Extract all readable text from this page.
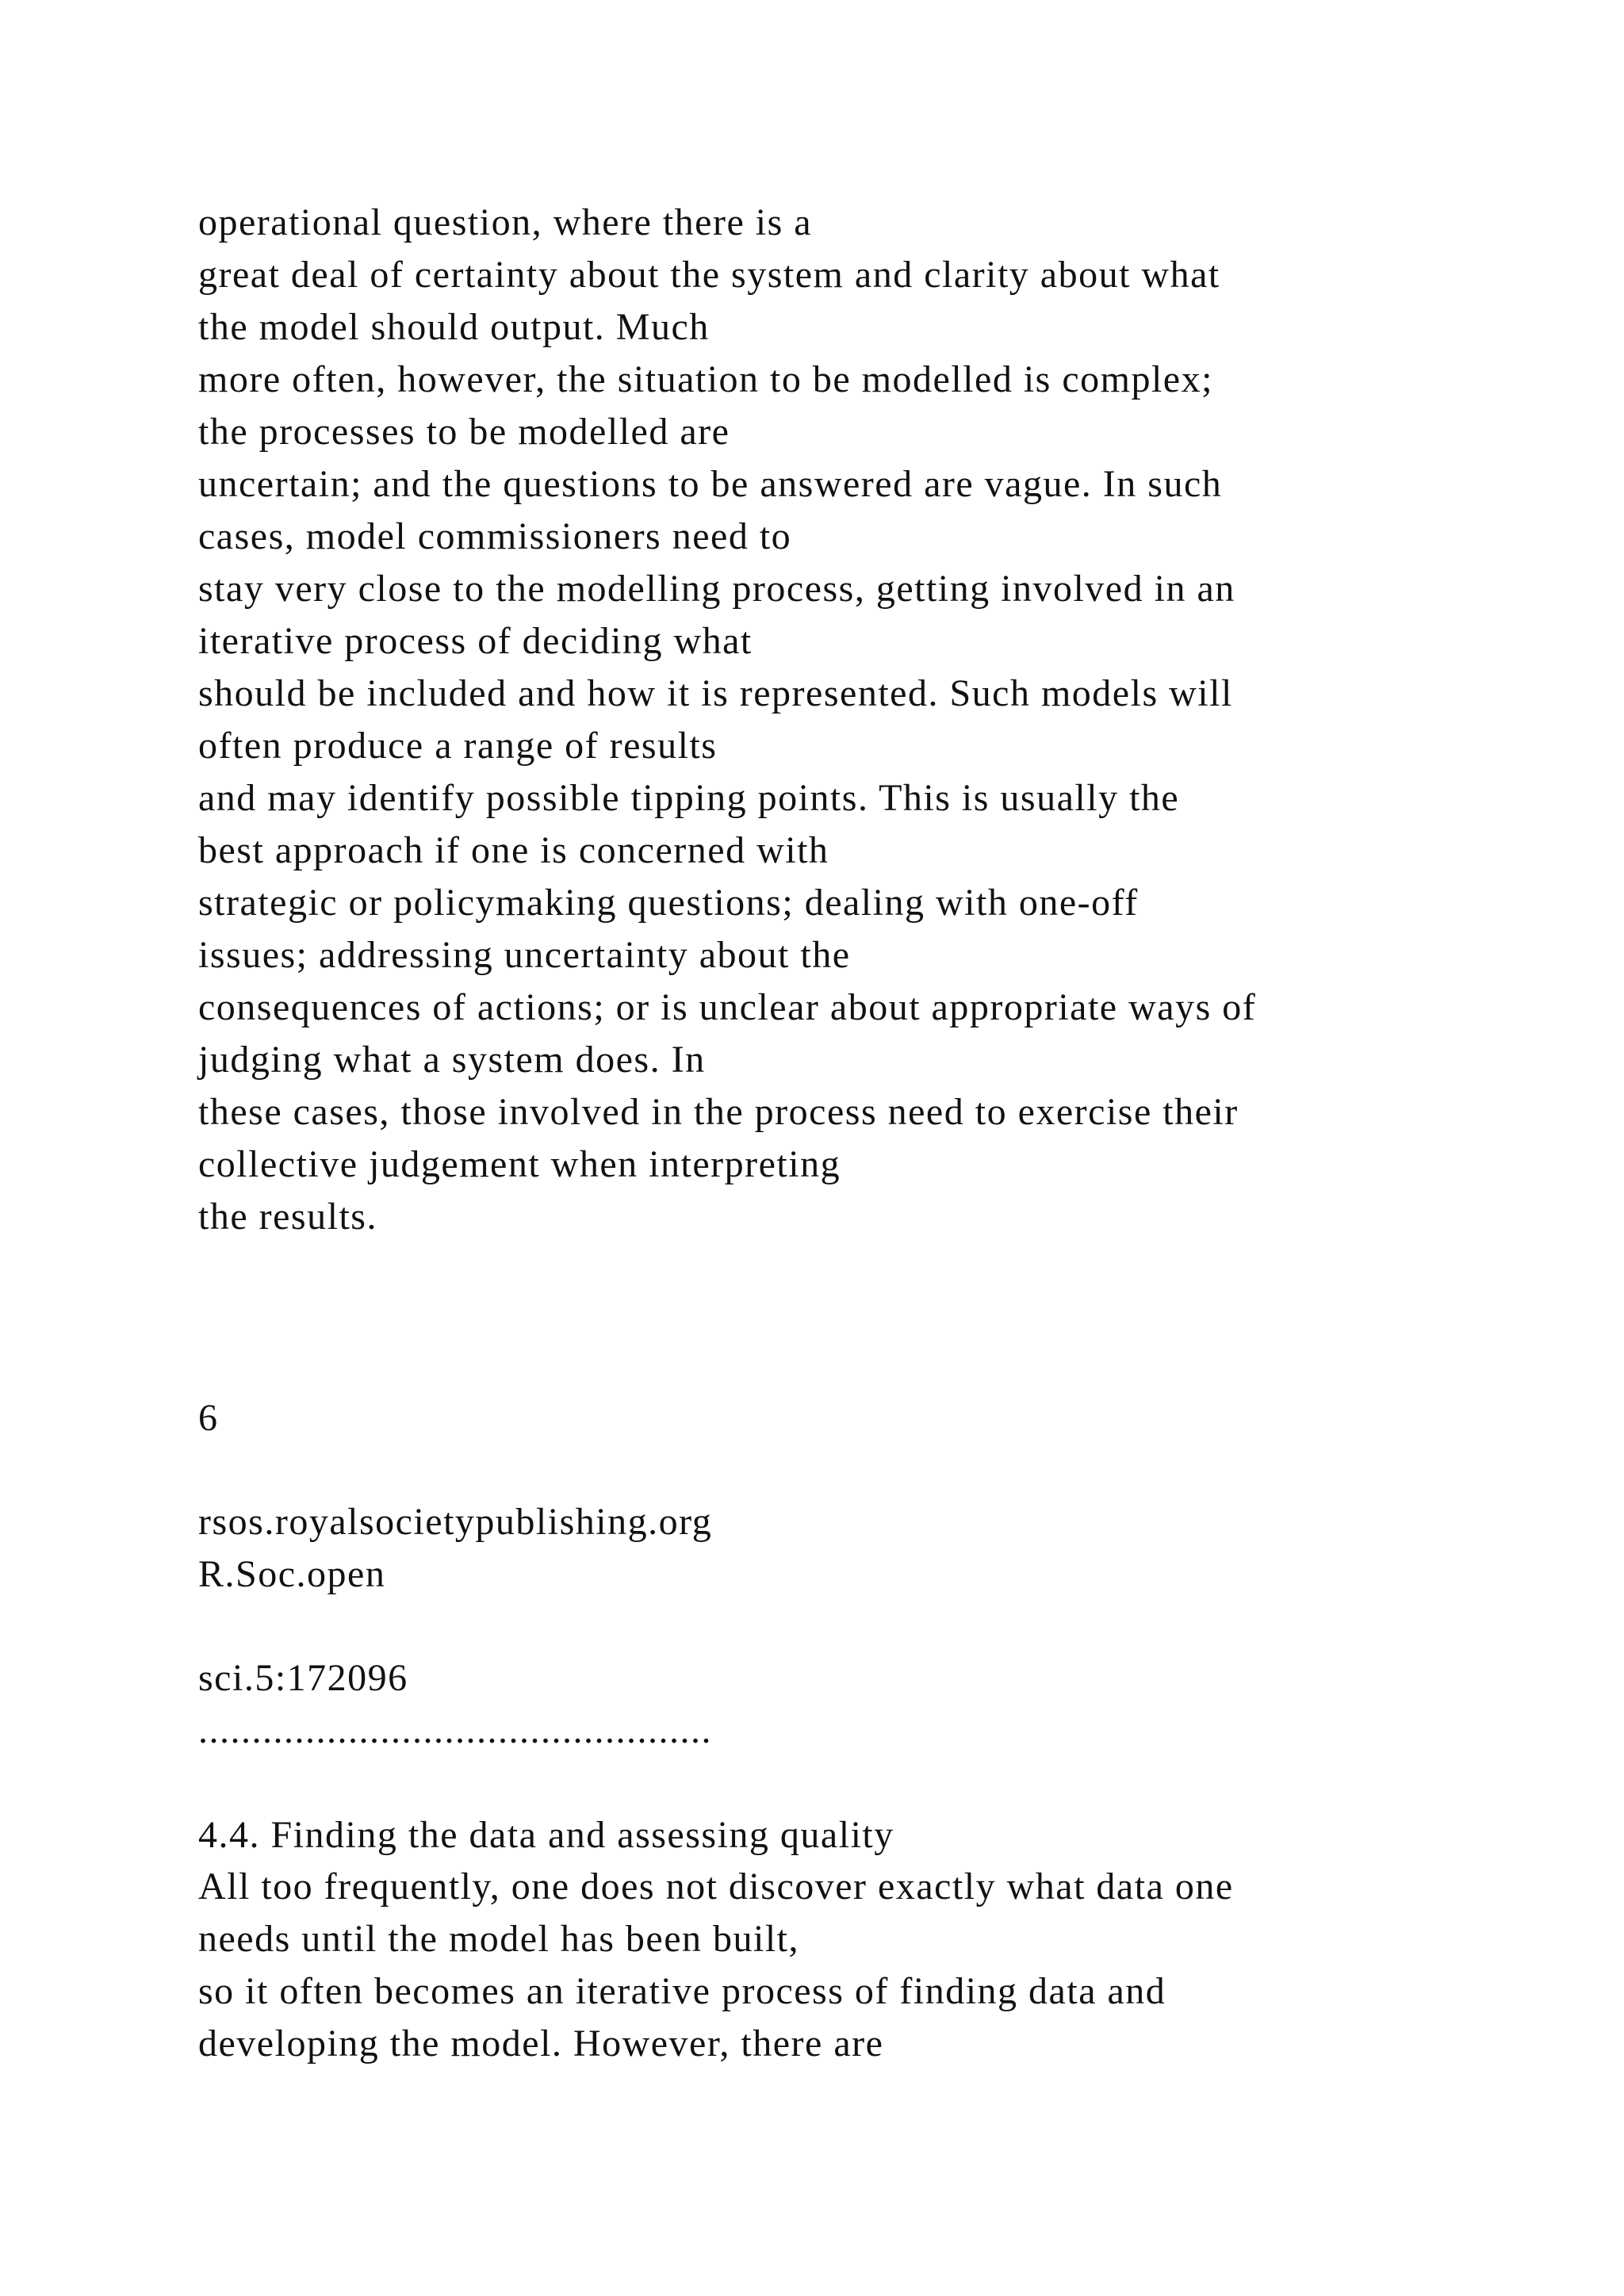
operational question, where there is a
great deal of certainty about the system and clarity about what
the model should output. Much
more often, however, the situation to be modelled is complex;
the processes to be modelled are
uncertain; and the questions to be answered are vague. In such
cases, model commissioners need to
stay very close to the modelling process, getting involved in an
iterative process of deciding what
should be included and how it is represented. Such models will
often produce a range of results
and may identify possible tipping points. This is usually the
best approach if one is concerned with
strategic or policymaking questions; dealing with one-off
issues; addressing uncertainty about the
consequences of actions; or is unclear about appropriate ways of
judging what a system does. In
these cases, those involved in the process need to exercise their
collective judgement when interpreting
the results.
6
rsos.royalsocietypublishing.org
R.Soc.open
sci.5:172096
................................................
4.4. Finding the data and assessing quality
All too frequently, one does not discover exactly what data one
needs until the model has been built,
so it often becomes an iterative process of finding data and
developing the model. However, there are
